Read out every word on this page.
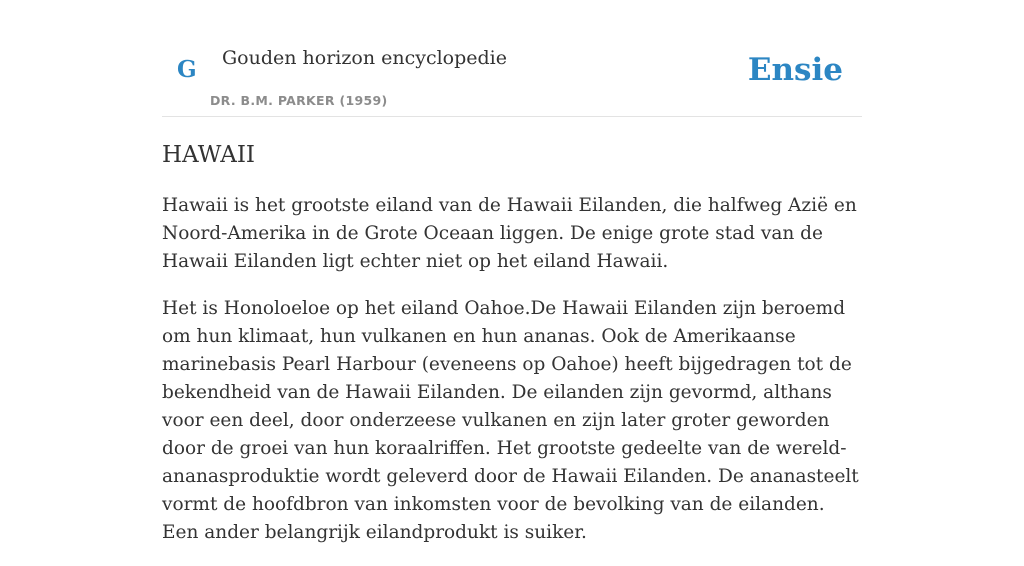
G Gouden horizon encyclopedie
DR. B.M. PARKER (1959)
Ensie
HAWAII

Hawaii is het grootste eiland van de Hawaii Eilanden, die halfweg Azië en Noord-Amerika in de Grote Oceaan liggen. De enige grote stad van de Hawaii Eilanden ligt echter niet op het eiland Hawaii.

Het is Honoloeloe op het eiland Oahoe.De Hawaii Eilanden zijn beroemd om hun klimaat, hun vulkanen en hun ananas. Ook de Amerikaanse marinebasis Pearl Harbour (eveneens op Oahoe) heeft bijgedragen tot de bekendheid van de Hawaii Eilanden. De eilanden zijn gevormd, althans voor een deel, door onderzeese vulkanen en zijn later groter geworden door de groei van hun koraalriffen. Het grootste gedeelte van de wereld-ananasproduktie wordt geleverd door de Hawaii Eilanden. De ananasteelt vormt de hoofdbron van inkomsten voor de bevolking van de eilanden. Een ander belangrijk eilandprodukt is suiker.
